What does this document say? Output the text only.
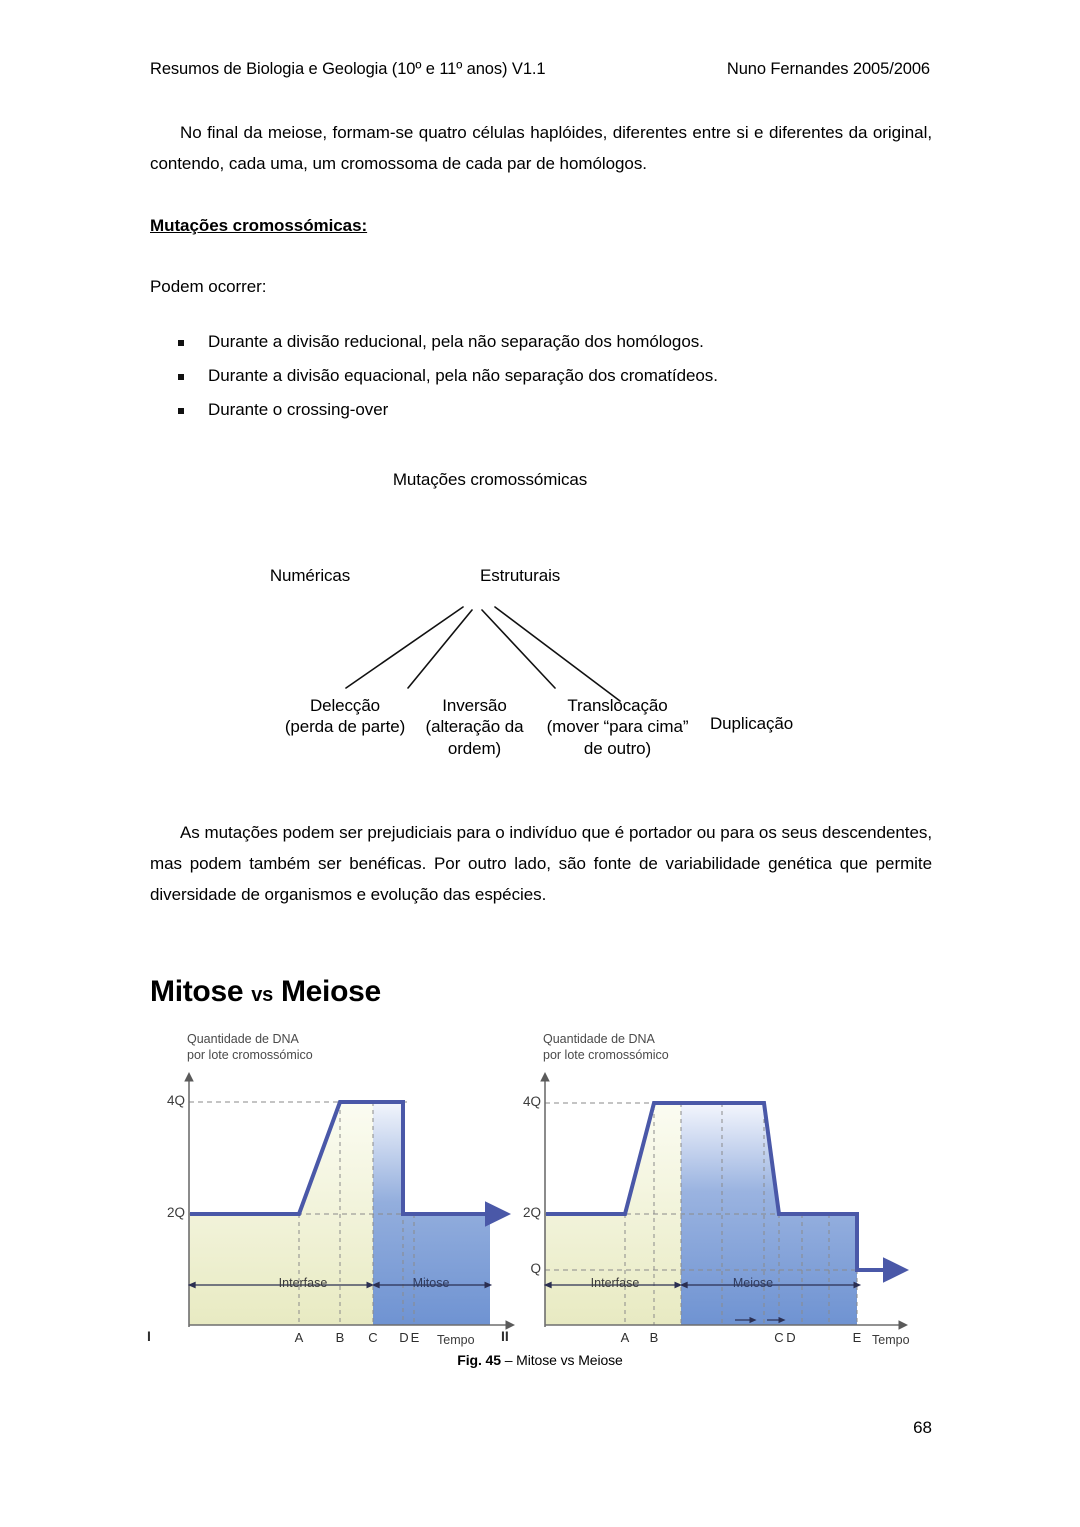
Resumos de Biologia e Geologia (10º e 11º anos) V1.1	Nuno Fernandes 2005/2006

No final da meiose, formam-se quatro células haplóides, diferentes entre si e diferentes da original, contendo, cada uma, um cromossoma de cada par de homólogos.

Mutações cromossómicas:

Podem ocorrer:

Durante a divisão reducional, pela não separação dos homólogos.
Durante a divisão equacional, pela não separação dos cromatídeos.
Durante o crossing-over
Mutações cromossómicas
Numéricas	Estruturais
Delecção
(perda de parte)
Inversão
(alteração da ordem)
Translocação
(mover “para cima” de outro)
Duplicação

As mutações podem ser prejudiciais para o indivíduo que é portador ou para os seus descendentes, mas podem também ser benéficas. Por outro lado, são fonte de variabilidade genética que permite diversidade de organismos e evolução das espécies.

Mitose vs Meiose
Quantidade de DNA
por lote cromossómico
4Q
2Q
Interfase	Mitose
A B C D E Tempo
I
Quantidade de DNA
por lote cromossómico
4Q
2Q
Q
Interfase	Meiose
A B	C D	E Tempo
II
Fig. 45 – Mitose vs Meiose
68
